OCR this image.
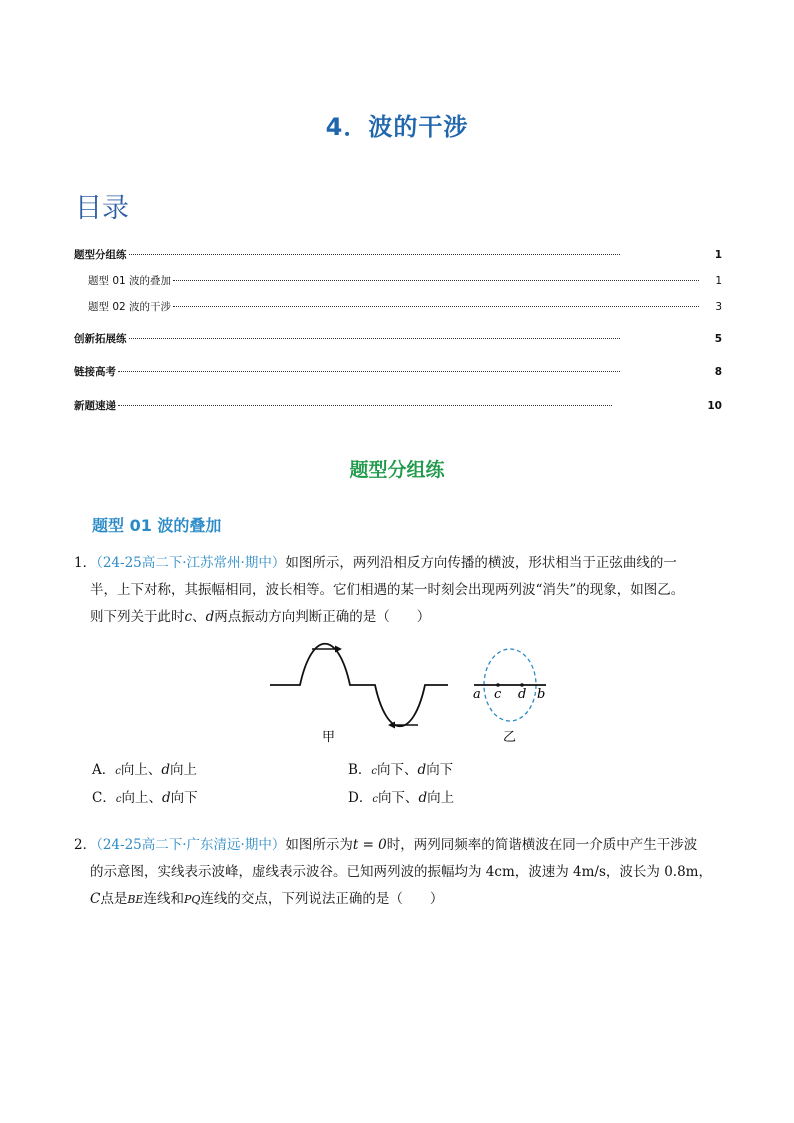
4．波的干涉
目录
题型分组练	1
题型 01 波的叠加	1
题型 02 波的干涉	3
创新拓展练	5
链接高考	8
新题速递	10
题型分组练
题型 01 波的叠加

1．（24-25高二下·江苏常州·期中）如图所示，两列沿相反方向传播的横波，形状相当于正弦曲线的一

半，上下对称，其振幅相同，波长相等。它们相遇的某一时刻会出现两列波“消失”的现象，如图乙。

则下列关于此时c、d两点振动方向判断正确的是（　　）

a c d b
甲	乙
A．c向上、d向上	B．c向下、d向下
C．c向上、d向下	D．c向下、d向上

2．（24-25高二下·广东清远·期中）如图所示为t = 0时，两列同频率的简谐横波在同一介质中产生干涉波

的示意图，实线表示波峰，虚线表示波谷。已知两列波的振幅均为 4cm，波速为 4m/s，波长为 0.8m，

C点是BE连线和PQ连线的交点，下列说法正确的是（　　）
